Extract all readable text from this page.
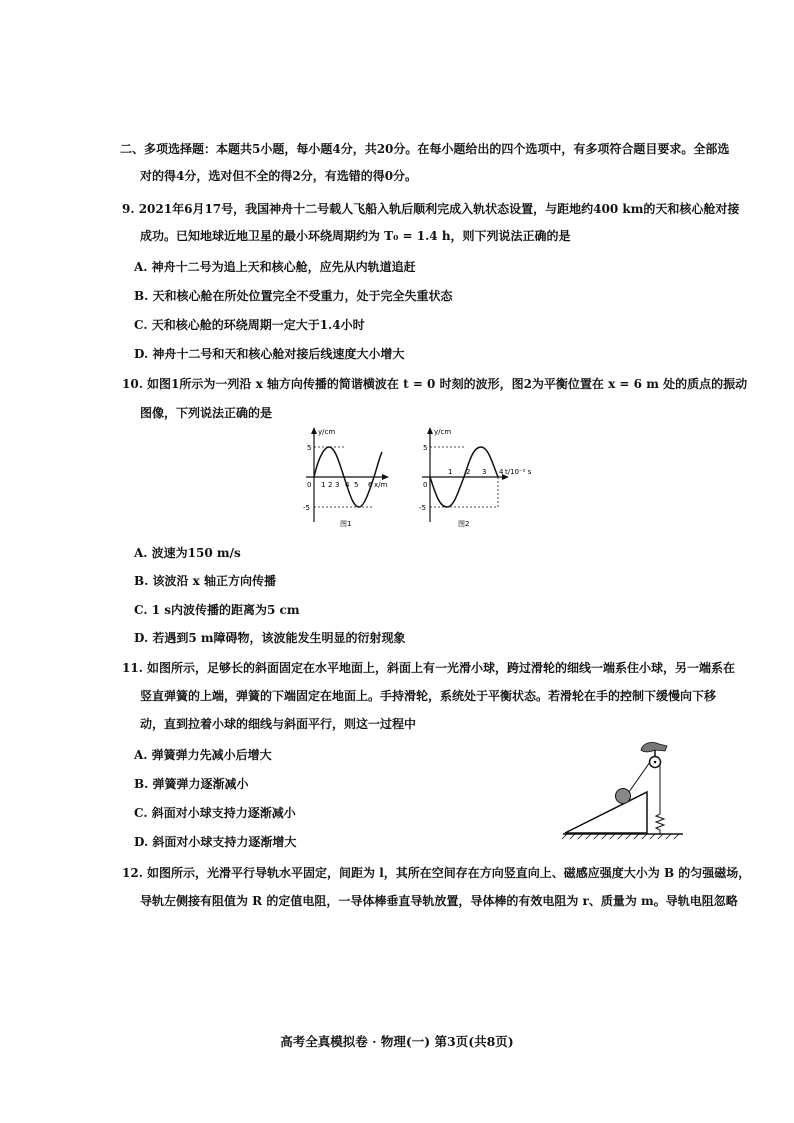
二、多项选择题：本题共5小题，每小题4分，共20分。在每小题给出的四个选项中，有多项符合题目要求。全部选
对的得4分，选对但不全的得2分，有选错的得0分。
9. 2021年6月17号，我国神舟十二号载人飞船入轨后顺利完成入轨状态设置，与距地约400 km的天和核心舱对接
成功。已知地球近地卫星的最小环绕周期约为 T₀ = 1.4 h，则下列说法正确的是
A. 神舟十二号为追上天和核心舱，应先从内轨道追赶
B. 天和核心舱在所处位置完全不受重力，处于完全失重状态
C. 天和核心舱的环绕周期一定大于1.4小时
D. 神舟十二号和天和核心舱对接后线速度大小增大
10. 如图1所示为一列沿 x 轴方向传播的简谐横波在 t = 0 时刻的波形，图2为平衡位置在 x = 6 m 处的质点的振动
图像，下列说法正确的是
y/cm
5
-5
0 1 2 3 4 5 6 x/m
图1
y/cm
5
-5
0
1 2 3 4 t/10⁻² s
图2
A. 波速为150 m/s
B. 该波沿 x 轴正方向传播
C. 1 s内波传播的距离为5 cm
D. 若遇到5 m障碍物，该波能发生明显的衍射现象
11. 如图所示，足够长的斜面固定在水平地面上，斜面上有一光滑小球，跨过滑轮的细线一端系住小球，另一端系在
竖直弹簧的上端，弹簧的下端固定在地面上。手持滑轮，系统处于平衡状态。若滑轮在手的控制下缓慢向下移
动，直到拉着小球的细线与斜面平行，则这一过程中
A. 弹簧弹力先减小后增大
B. 弹簧弹力逐渐减小
C. 斜面对小球支持力逐渐减小
D. 斜面对小球支持力逐渐增大
12. 如图所示，光滑平行导轨水平固定，间距为 l，其所在空间存在方向竖直向上、磁感应强度大小为 B 的匀强磁场，
导轨左侧接有阻值为 R 的定值电阻，一导体棒垂直导轨放置，导体棒的有效电阻为 r、质量为 m。导轨电阻忽略
高考全真模拟卷 · 物理(一) 第3页(共8页)
